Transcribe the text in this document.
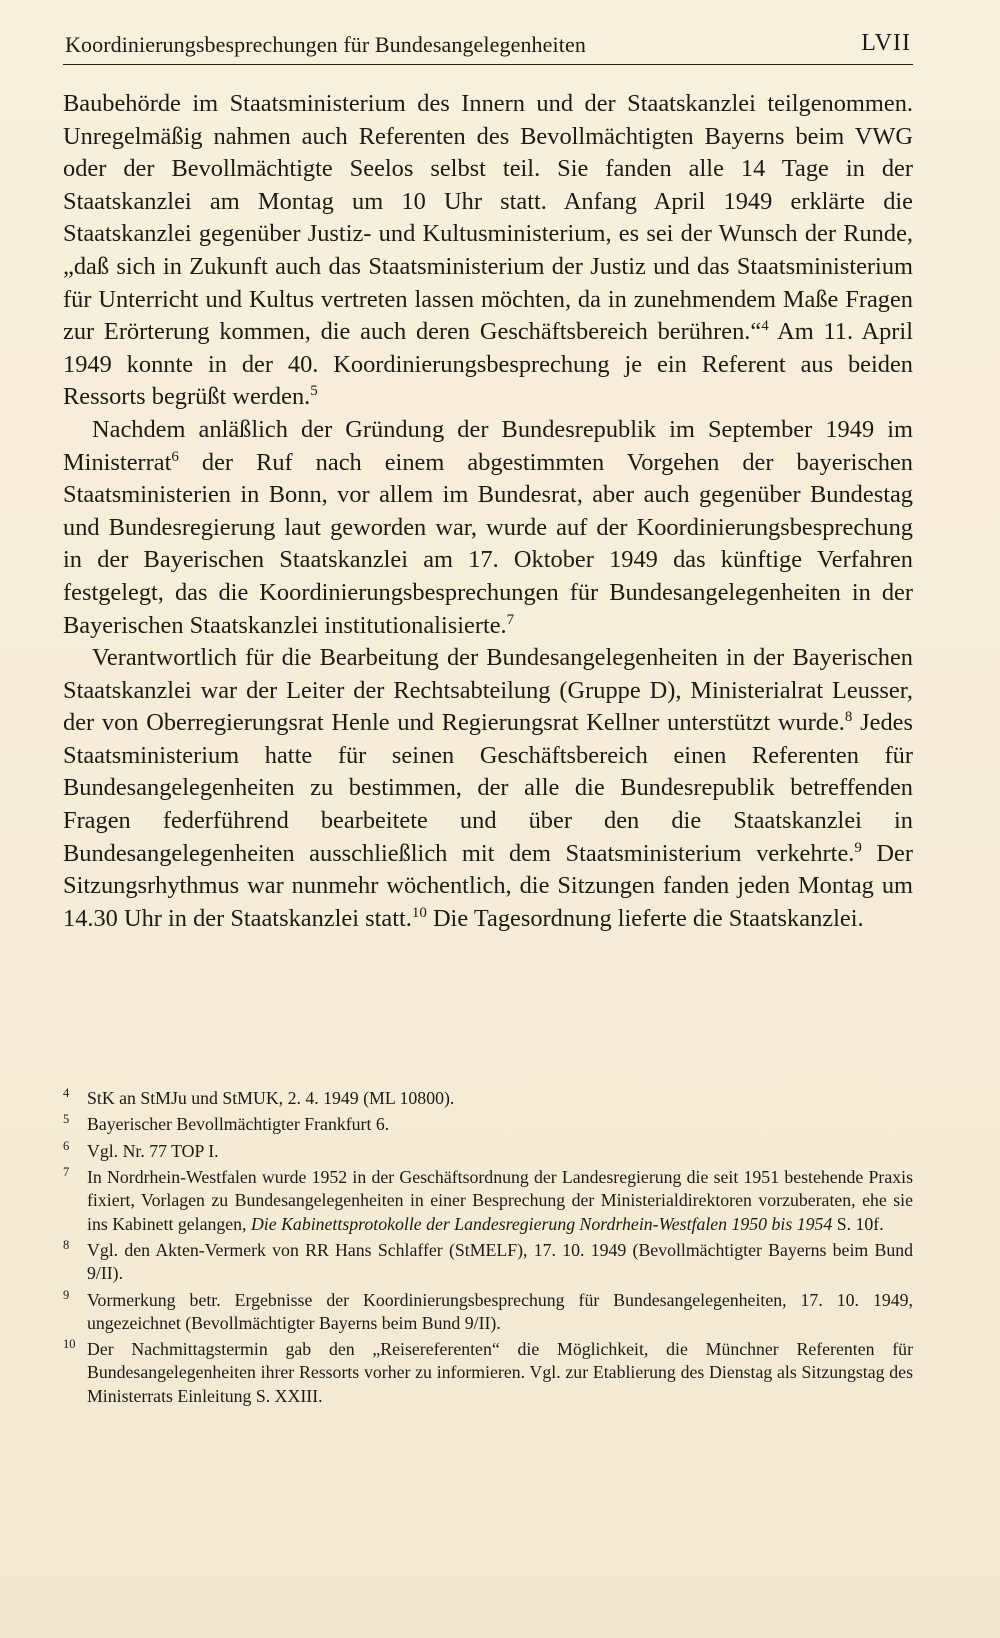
Koordinierungsbesprechungen für Bundesangelegenheiten	LVII

Baubehörde im Staatsministerium des Innern und der Staatskanzlei teilgenommen. Unregelmäßig nahmen auch Referenten des Bevollmächtigten Bayerns beim VWG oder der Bevollmächtigte Seelos selbst teil. Sie fanden alle 14 Tage in der Staatskanzlei am Montag um 10 Uhr statt. Anfang April 1949 erklärte die Staatskanzlei gegenüber Justiz- und Kultusministerium, es sei der Wunsch der Runde, „daß sich in Zukunft auch das Staatsministerium der Justiz und das Staatsministerium für Unterricht und Kultus vertreten lassen möchten, da in zunehmendem Maße Fragen zur Erörterung kommen, die auch deren Geschäftsbereich berühren.“$^4$ Am 11. April 1949 konnte in der 40. Koordinierungsbesprechung je ein Referent aus beiden Ressorts begrüßt werden.$^5$

Nachdem anläßlich der Gründung der Bundesrepublik im September 1949 im Ministerrat$^6$ der Ruf nach einem abgestimmten Vorgehen der bayerischen Staatsministerien in Bonn, vor allem im Bundesrat, aber auch gegenüber Bundestag und Bundesregierung laut geworden war, wurde auf der Koordinierungsbesprechung in der Bayerischen Staatskanzlei am 17. Oktober 1949 das künftige Verfahren festgelegt, das die Koordinierungsbesprechungen für Bundesangelegenheiten in der Bayerischen Staatskanzlei institutionalisierte.$^7$

Verantwortlich für die Bearbeitung der Bundesangelegenheiten in der Bayerischen Staatskanzlei war der Leiter der Rechtsabteilung (Gruppe D), Ministerialrat Leusser, der von Oberregierungsrat Henle und Regierungsrat Kellner unterstützt wurde.$^8$ Jedes Staatsministerium hatte für seinen Geschäftsbereich einen Referenten für Bundesangelegenheiten zu bestimmen, der alle die Bundesrepublik betreffenden Fragen federführend bearbeitete und über den die Staatskanzlei in Bundesangelegenheiten ausschließlich mit dem Staatsministerium verkehrte.$^9$ Der Sitzungsrhythmus war nunmehr wöchentlich, die Sitzungen fanden jeden Montag um 14.30 Uhr in der Staatskanzlei statt.$^{10}$ Die Tagesordnung lieferte die Staatskanzlei.

4 StK an StMJu und StMUK, 2. 4. 1949 (ML 10800).
5 Bayerischer Bevollmächtigter Frankfurt 6.
6 Vgl. Nr. 77 TOP I.
7 In Nordrhein-Westfalen wurde 1952 in der Geschäftsordnung der Landesregierung die seit 1951 bestehende Praxis fixiert, Vorlagen zu Bundesangelegenheiten in einer Besprechung der Ministerialdirektoren vorzuberaten, ehe sie ins Kabinett gelangen, Die Kabinettsprotokolle der Landesregierung Nordrhein-Westfalen 1950 bis 1954 S. 10f.
8 Vgl. den Akten-Vermerk von RR Hans Schlaffer (StMELF), 17. 10. 1949 (Bevollmächtigter Bayerns beim Bund 9/II).
9 Vormerkung betr. Ergebnisse der Koordinierungsbesprechung für Bundesangelegenheiten, 17. 10. 1949, ungezeichnet (Bevollmächtigter Bayerns beim Bund 9/II).
10 Der Nachmittagstermin gab den „Reisereferenten“ die Möglichkeit, die Münchner Referenten für Bundesangelegenheiten ihrer Ressorts vorher zu informieren. Vgl. zur Etablierung des Dienstag als Sitzungstag des Ministerrats Einleitung S. XXIII.
